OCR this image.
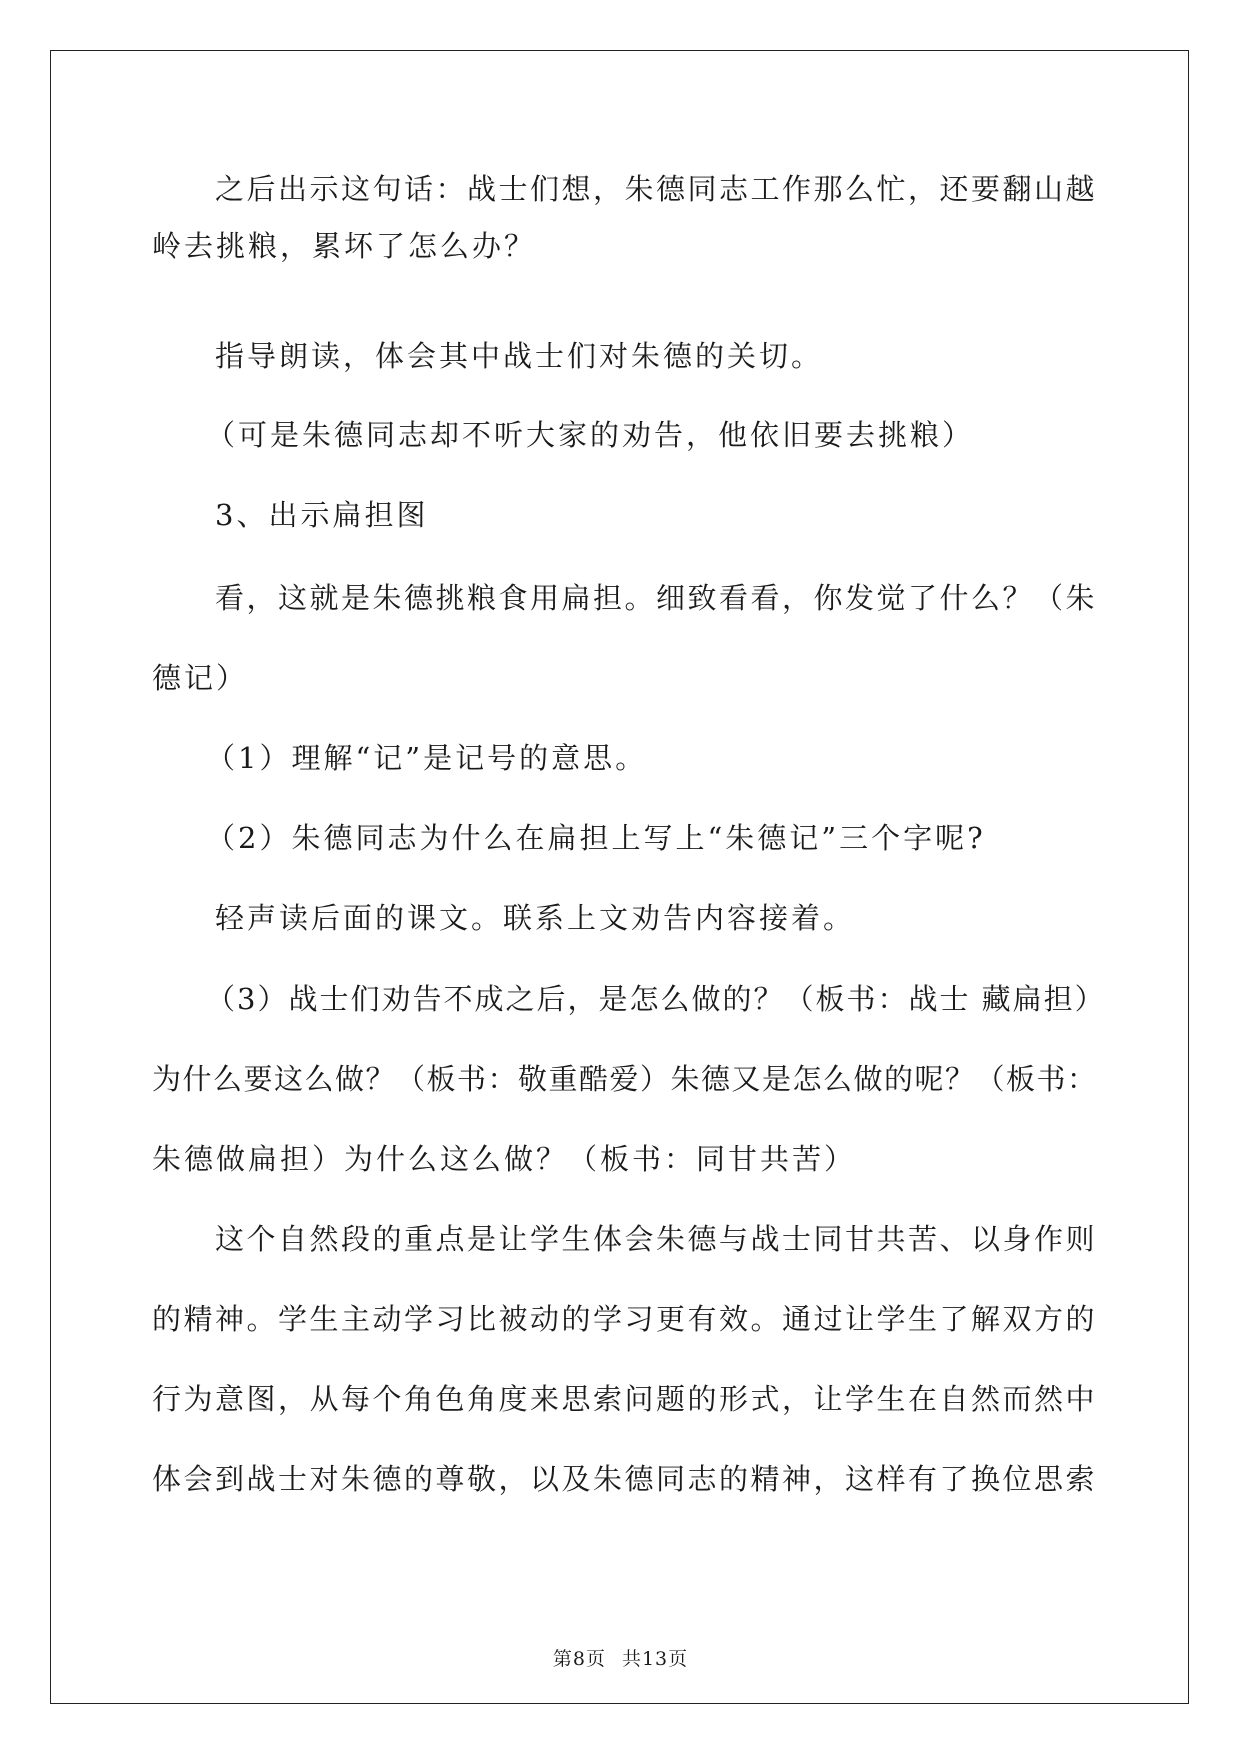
之后出示这句话：战士们想，朱德同志工作那么忙，还要翻山越
岭去挑粮，累坏了怎么办？
指导朗读，体会其中战士们对朱德的关切。
（可是朱德同志却不听大家的劝告，他依旧要去挑粮）
3、出示扁担图
看，这就是朱德挑粮食用扁担。细致看看，你发觉了什么？（朱
德记）
（1）理解“记”是记号的意思。
（2）朱德同志为什么在扁担上写上“朱德记”三个字呢?
轻声读后面的课文。联系上文劝告内容接着。
（3）战士们劝告不成之后，是怎么做的？（板书：战士 藏扁担）
为什么要这么做？（板书：敬重酷爱）朱德又是怎么做的呢？（板书：
朱德做扁担）为什么这么做？（板书：同甘共苦）
这个自然段的重点是让学生体会朱德与战士同甘共苦、以身作则
的精神。学生主动学习比被动的学习更有效。通过让学生了解双方的
行为意图，从每个角色角度来思索问题的形式，让学生在自然而然中
体会到战士对朱德的尊敬，以及朱德同志的精神，这样有了换位思索
第8页 共13页
